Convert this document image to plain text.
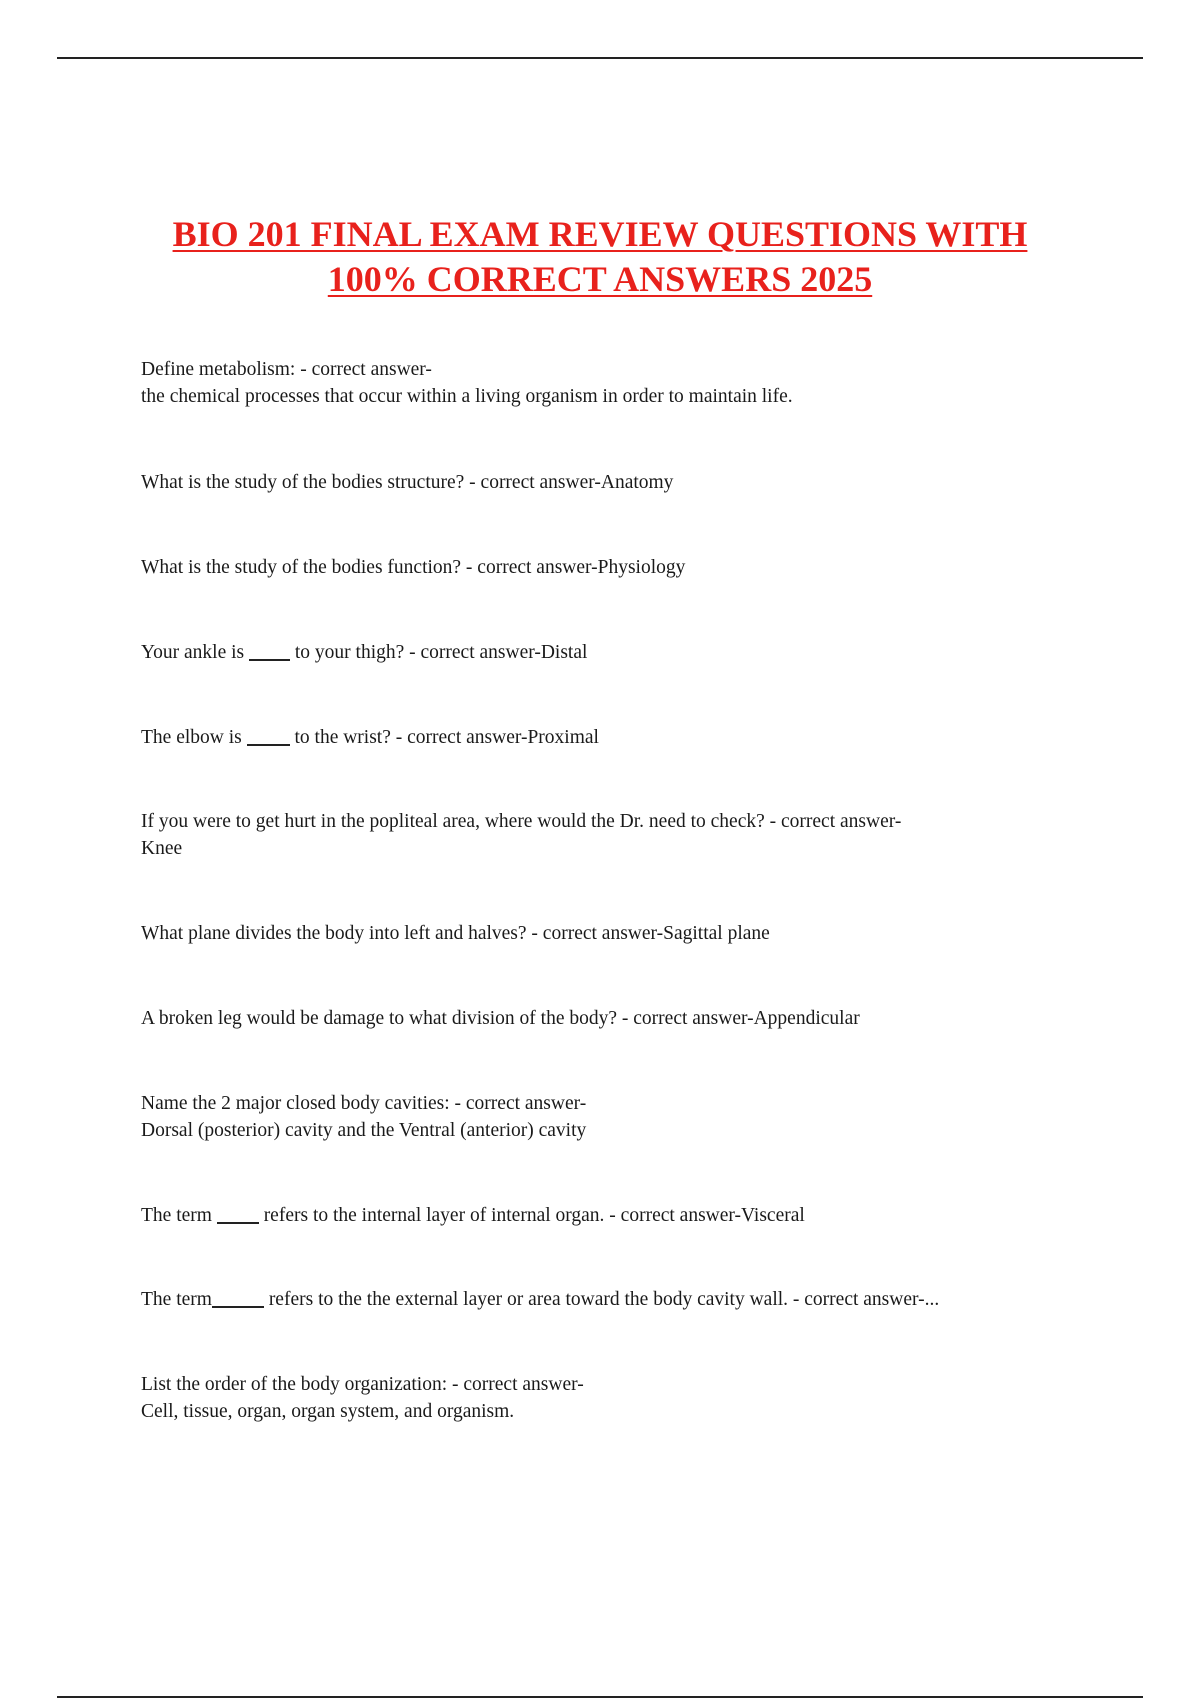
BIO 201 FINAL EXAM REVIEW QUESTIONS WITH
100% CORRECT ANSWERS 2025
Define metabolism: - correct answer-
the chemical processes that occur within a living organism in order to maintain life.
What is the study of the bodies structure? - correct answer-Anatomy
What is the study of the bodies function? - correct answer-Physiology
Your ankle is  to your thigh? - correct answer-Distal
The elbow is  to the wrist? - correct answer-Proximal
If you were to get hurt in the popliteal area, where would the Dr. need to check? - correct answer-
Knee
What plane divides the body into left and halves? - correct answer-Sagittal plane
A broken leg would be damage to what division of the body? - correct answer-Appendicular
Name the 2 major closed body cavities: - correct answer-
Dorsal (posterior) cavity and the Ventral (anterior) cavity
The term  refers to the internal layer of internal organ. - correct answer-Visceral
The term	refers to the the external layer or area toward the body cavity wall. - correct answer-...
List the order of the body organization: - correct answer-
Cell, tissue, organ, organ system, and organism.
